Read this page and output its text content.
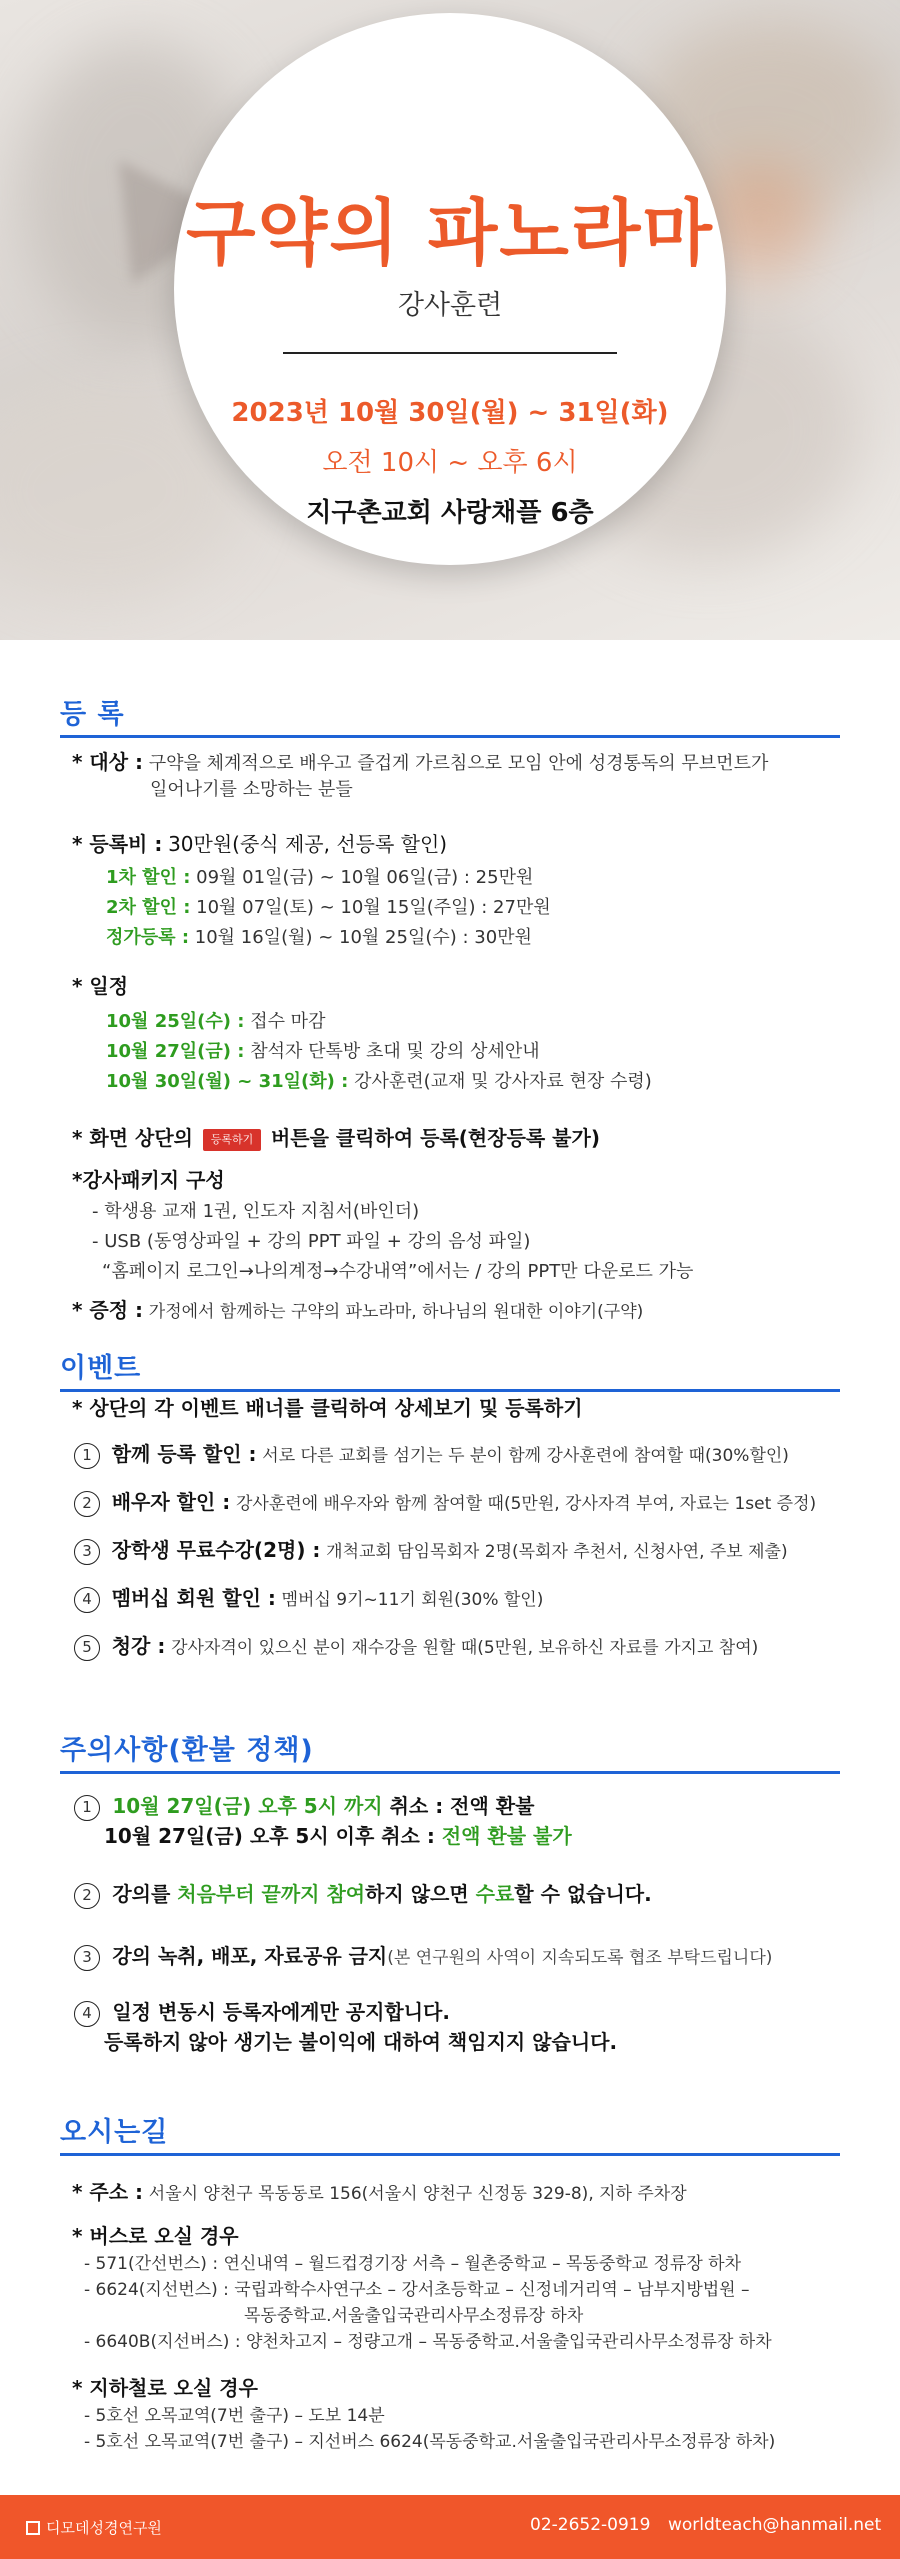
구약의 파노라마
강사훈련
2023년 10월 30일(월) ~ 31일(화)
오전 10시 ~ 오후 6시
지구촌교회 사랑채플 6층
등 록
* 대상 : 구약을 체계적으로 배우고 즐겁게 가르침으로 모임 안에 성경통독의 무브먼트가
일어나기를 소망하는 분들
* 등록비 : 30만원(중식 제공, 선등록 할인)
1차 할인 : 09월 01일(금) ~ 10월 06일(금) : 25만원
2차 할인 : 10월 07일(토) ~ 10월 15일(주일) : 27만원
정가등록 : 10월 16일(월) ~ 10월 25일(수) : 30만원
* 일정
10월 25일(수) : 접수 마감
10월 27일(금) : 참석자 단톡방 초대 및 강의 상세안내
10월 30일(월) ~ 31일(화) : 강사훈련(교재 및 강사자료 현장 수령)
* 화면 상단의 등록하기 버튼을 클릭하여 등록(현장등록 불가)
*강사패키지 구성
- 학생용 교재 1권, 인도자 지침서(바인더)
- USB (동영상파일 + 강의 PPT 파일 + 강의 음성 파일)
“홈페이지 로그인→나의계정→수강내역”에서는 / 강의 PPT만 다운로드 가능
* 증정 : 가정에서 함께하는 구약의 파노라마, 하나님의 원대한 이야기(구약)
이벤트
* 상단의 각 이벤트 배너를 클릭하여 상세보기 및 등록하기
1 함께 등록 할인 : 서로 다른 교회를 섬기는 두 분이 함께 강사훈련에 참여할 때(30%할인)
2 배우자 할인 : 강사훈련에 배우자와 함께 참여할 때(5만원, 강사자격 부여, 자료는 1set 증정)
3 장학생 무료수강(2명) : 개척교회 담임목회자 2명(목회자 추천서, 신청사연, 주보 제출)
4 멤버십 회원 할인 : 멤버십 9기~11기 회원(30% 할인)
5 청강 : 강사자격이 있으신 분이 재수강을 원할 때(5만원, 보유하신 자료를 가지고 참여)
주의사항(환불 정책)
1 10월 27일(금) 오후 5시 까지 취소 : 전액 환불
10월 27일(금) 오후 5시 이후 취소 : 전액 환불 불가
2 강의를 처음부터 끝까지 참여하지 않으면 수료할 수 없습니다.
3 강의 녹취, 배포, 자료공유 금지(본 연구원의 사역이 지속되도록 협조 부탁드립니다)
4 일정 변동시 등록자에게만 공지합니다.
등록하지 않아 생기는 불이익에 대하여 책임지지 않습니다.
오시는길
* 주소 : 서울시 양천구 목동동로 156(서울시 양천구 신정동 329-8), 지하 주차장
* 버스로 오실 경우
- 571(간선번스) : 연신내역 – 월드컵경기장 서측 – 월촌중학교 – 목동중학교 정류장 하차
- 6624(지선번스) : 국립과학수사연구소 – 강서초등학교 – 신정네거리역 – 남부지방법원 –
목동중학교.서울출입국관리사무소정류장 하차
- 6640B(지선버스) : 양천차고지 – 정량고개 – 목동중학교.서울출입국관리사무소정류장 하차
* 지하철로 오실 경우
- 5호선 오목교역(7번 출구) – 도보 14분
- 5호선 오목교역(7번 출구) – 지선버스 6624(목동중학교.서울출입국관리사무소정류장 하차)
디모데성경연구원	02-2652-0919 worldteach@hanmail.net
